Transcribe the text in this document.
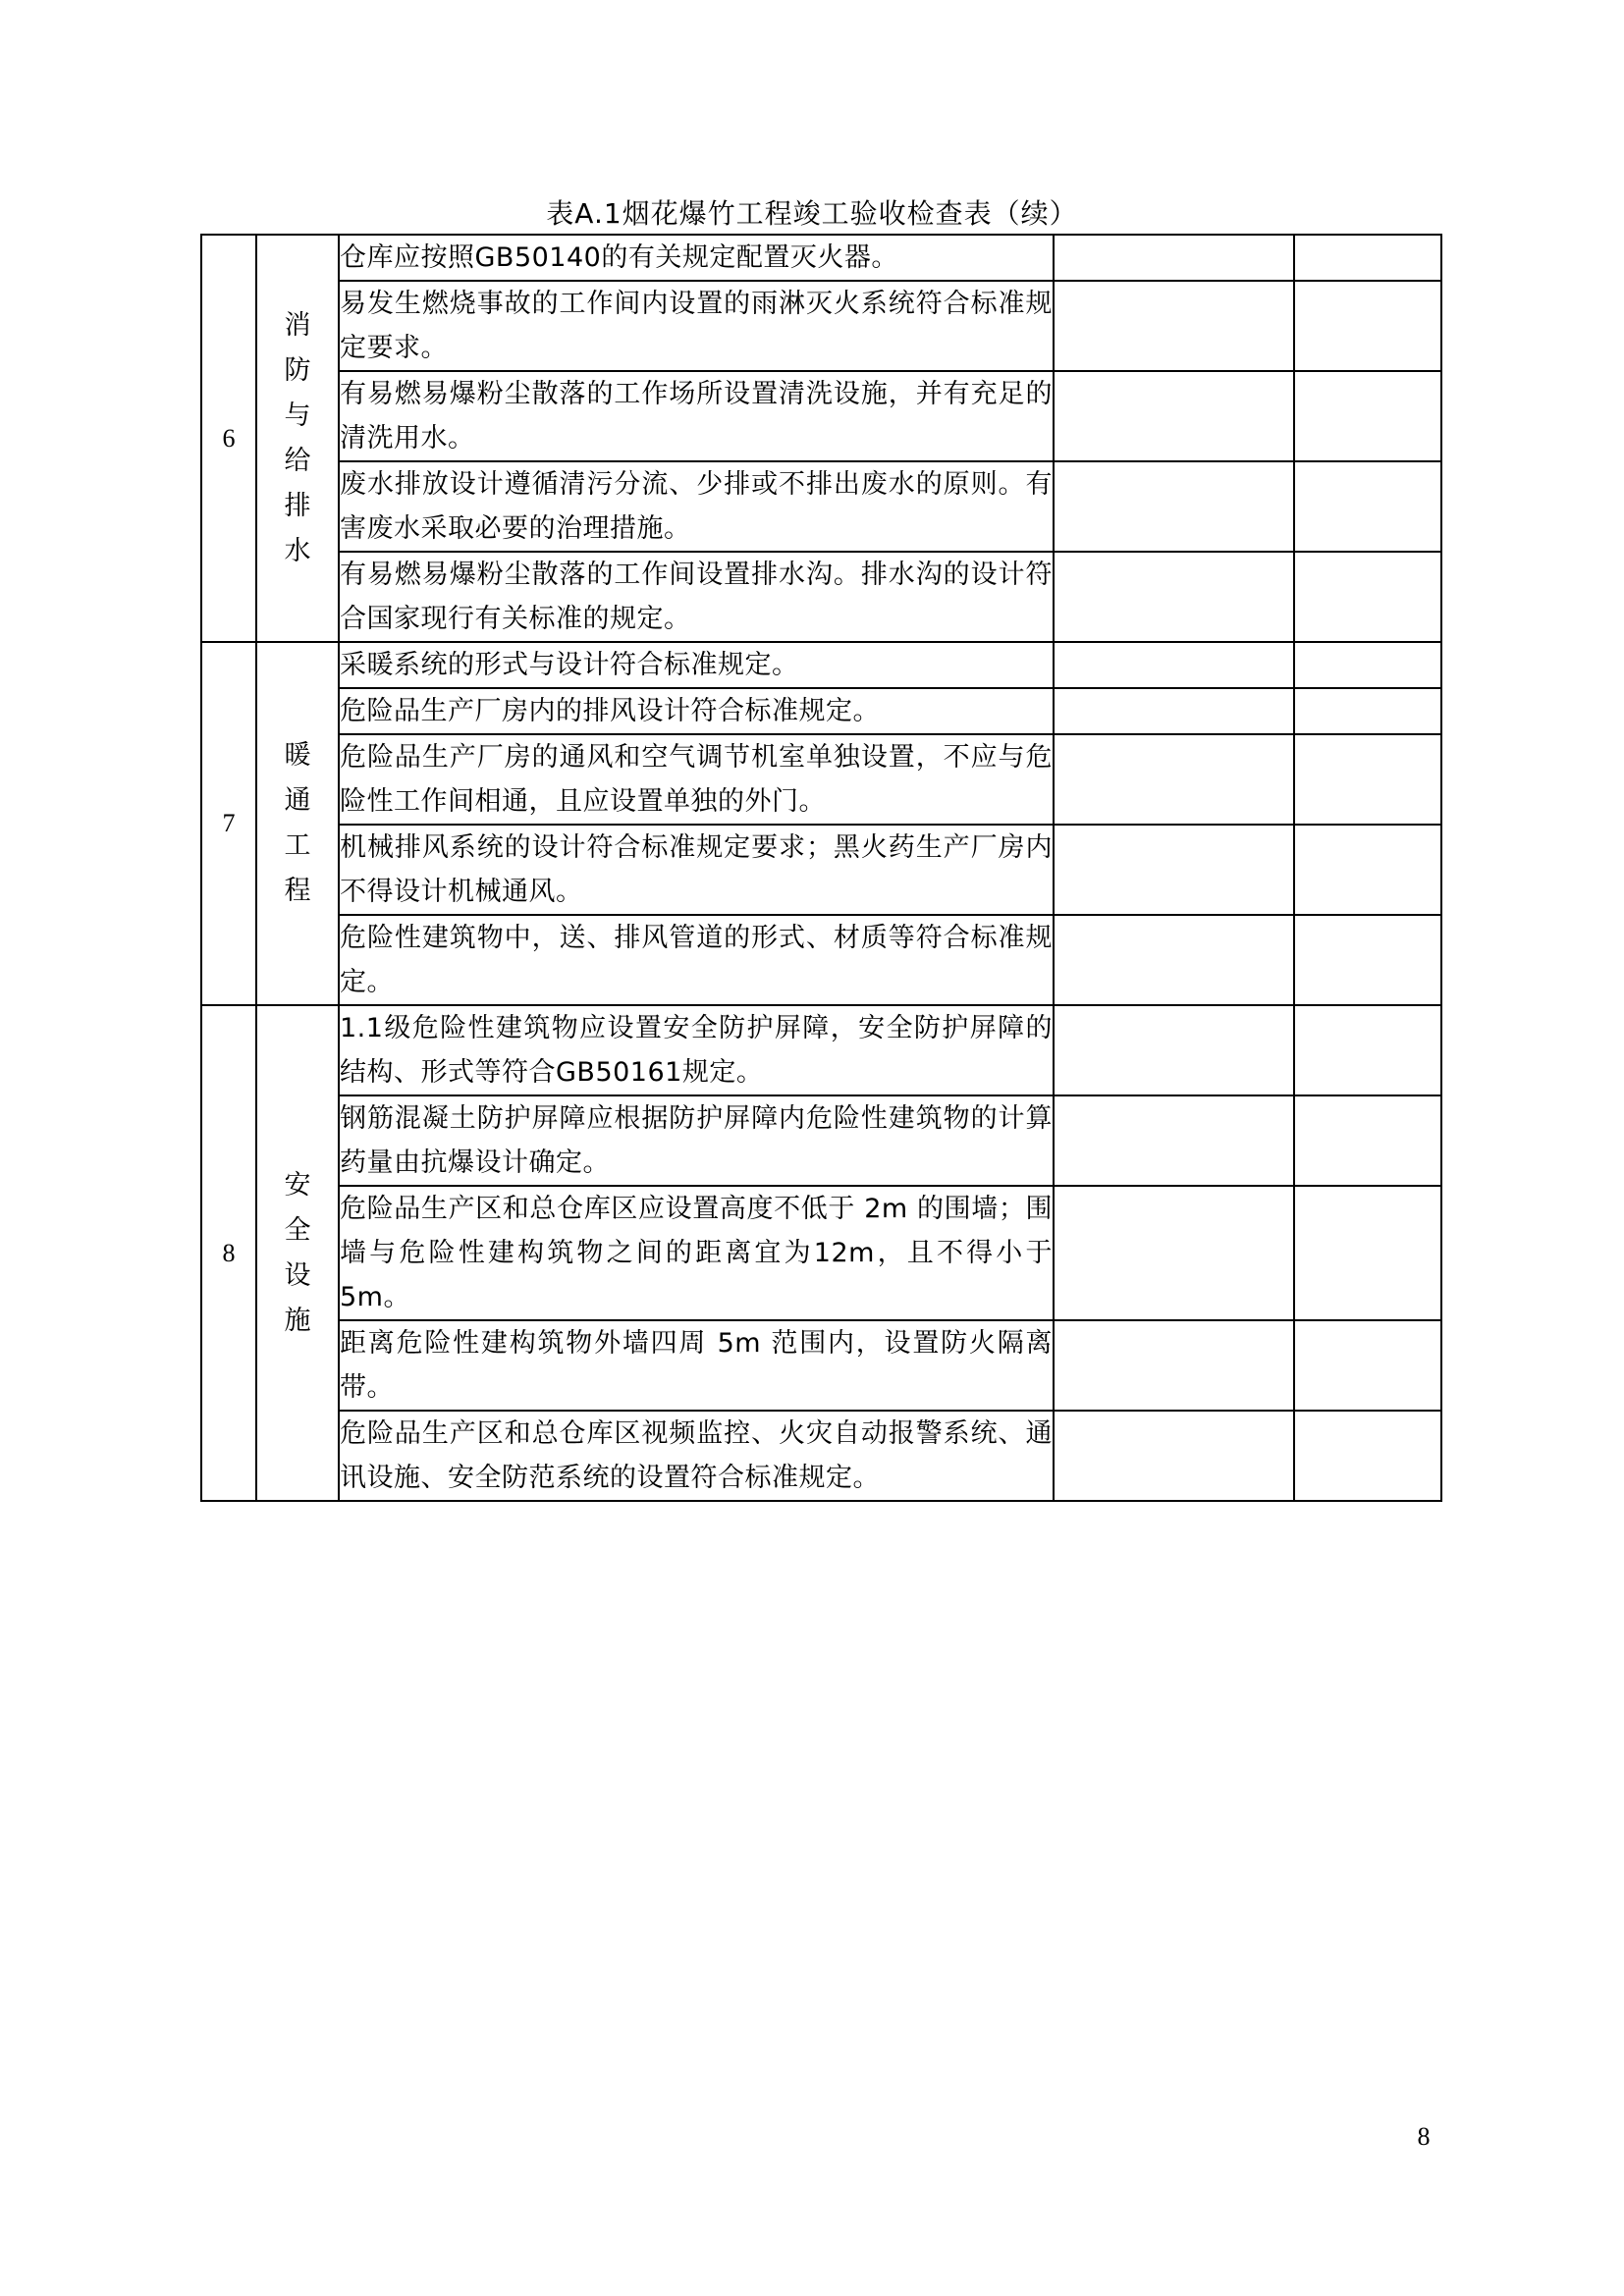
表A.1烟花爆竹工程竣工验收检查表（续）
6	消防与给排水	仓库应按照GB50140的有关规定配置灭火器。		
		易发生燃烧事故的工作间内设置的雨淋灭火系统符合标准规定要求。		
		有易燃易爆粉尘散落的工作场所设置清洗设施，并有充足的清洗用水。		
		废水排放设计遵循清污分流、少排或不排出废水的原则。有害废水采取必要的治理措施。		
		有易燃易爆粉尘散落的工作间设置排水沟。排水沟的设计符合国家现行有关标准的规定。		
7	暖通工程	采暖系统的形式与设计符合标准规定。		
		危险品生产厂房内的排风设计符合标准规定。		
		危险品生产厂房的通风和空气调节机室单独设置，不应与危险性工作间相通，且应设置单独的外门。		
		机械排风系统的设计符合标准规定要求；黑火药生产厂房内不得设计机械通风。		
		危险性建筑物中，送、排风管道的形式、材质等符合标准规定。		
8	安全设施	1.1级危险性建筑物应设置安全防护屏障，安全防护屏障的结构、形式等符合GB50161规定。		
		钢筋混凝土防护屏障应根据防护屏障内危险性建筑物的计算药量由抗爆设计确定。		
		危险品生产区和总仓库区应设置高度不低于 2m 的围墙；围墙与危险性建构筑物之间的距离宜为12m，且不得小于5m。		
		距离危险性建构筑物外墙四周 5m 范围内，设置防火隔离带。		
		危险品生产区和总仓库区视频监控、火灾自动报警系统、通讯设施、安全防范系统的设置符合标准规定。		
8
